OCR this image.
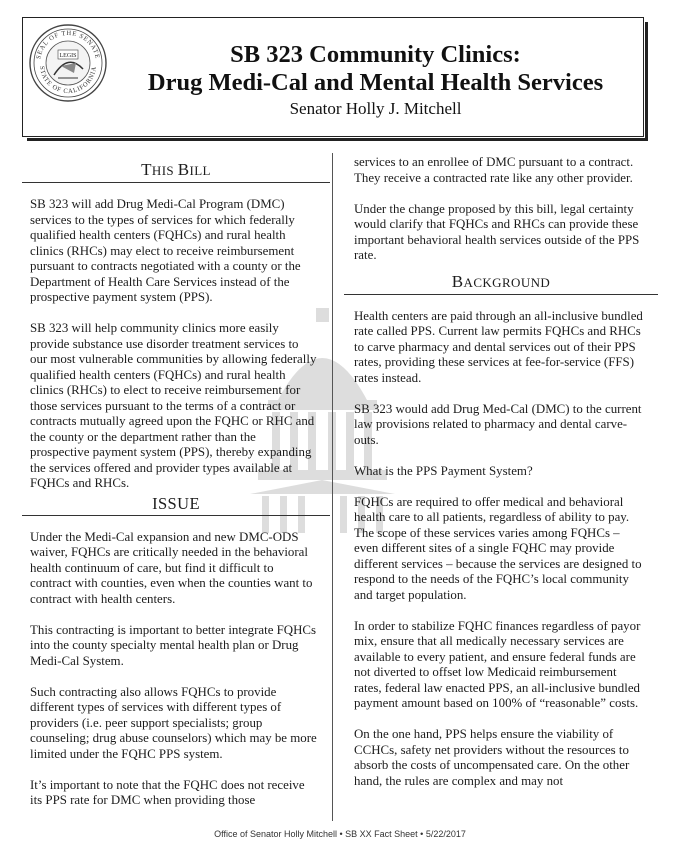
LEGIS
SEAL OF THE SENATE
STATE OF CALIFORNIA
SB 323 Community Clinics:
Drug Medi-Cal and Mental Health Services
Senator Holly J. Mitchell
THIS BILL

SB 323 will add Drug Medi-Cal Program (DMC) services to the types of services for which federally qualified health centers (FQHCs) and rural health clinics (RHCs) may elect to receive reimbursement pursuant to contracts negotiated with a county or the Department of Health Care Services instead of the prospective payment system (PPS).

SB 323 will help community clinics more easily provide substance use disorder treatment services to our most vulnerable communities by allowing federally qualified health centers (FQHCs) and rural health clinics (RHCs) to elect to receive reimbursement for those services pursuant to the terms of a contract or contracts mutually agreed upon the FQHC or RHC and the county or the department rather than the prospective payment system (PPS), thereby expanding the services offered and provider types available at FQHCs and RHCs.

ISSUE

Under the Medi-Cal expansion and new DMC-ODS waiver, FQHCs are critically needed in the behavioral health continuum of care, but find it difficult to contract with counties, even when the counties want to contract with health centers.

This contracting is important to better integrate FQHCs into the county specialty mental health plan or Drug Medi-Cal System.

Such contracting also allows FQHCs to provide different types of services with different types of providers (i.e. peer support specialists; group counseling; drug abuse counselors) which may be more limited under the FQHC PPS system.

It’s important to note that the FQHC does not receive its PPS rate for DMC when providing those

services to an enrollee of DMC pursuant to a contract. They receive a contracted rate like any other provider.

Under the change proposed by this bill, legal certainty would clarify that FQHCs and RHCs can provide these important behavioral health services outside of the PPS rate.

BACKGROUND

Health centers are paid through an all-inclusive bundled rate called PPS. Current law permits FQHCs and RHCs to carve pharmacy and dental services out of their PPS rates, providing these services at fee-for-service (FFS) rates instead.

SB 323 would add Drug Med-Cal (DMC) to the current law provisions related to pharmacy and dental carve-outs.

What is the PPS Payment System?

FQHCs are required to offer medical and behavioral health care to all patients, regardless of ability to pay. The scope of these services varies among FQHCs – even different sites of a single FQHC may provide different services – because the services are designed to respond to the needs of the FQHC’s local community and target population.

In order to stabilize FQHC finances regardless of payor mix, ensure that all medically necessary services are available to every patient, and ensure federal funds are not diverted to offset low Medicaid reimbursement rates, federal law enacted PPS, an all-inclusive bundled payment amount based on 100% of “reasonable” costs.

On the one hand, PPS helps ensure the viability of CCHCs, safety net providers without the resources to absorb the costs of uncompensated care. On the other hand, the rules are complex and may not

Office of Senator Holly Mitchell • SB XX Fact Sheet • 5/22/2017
